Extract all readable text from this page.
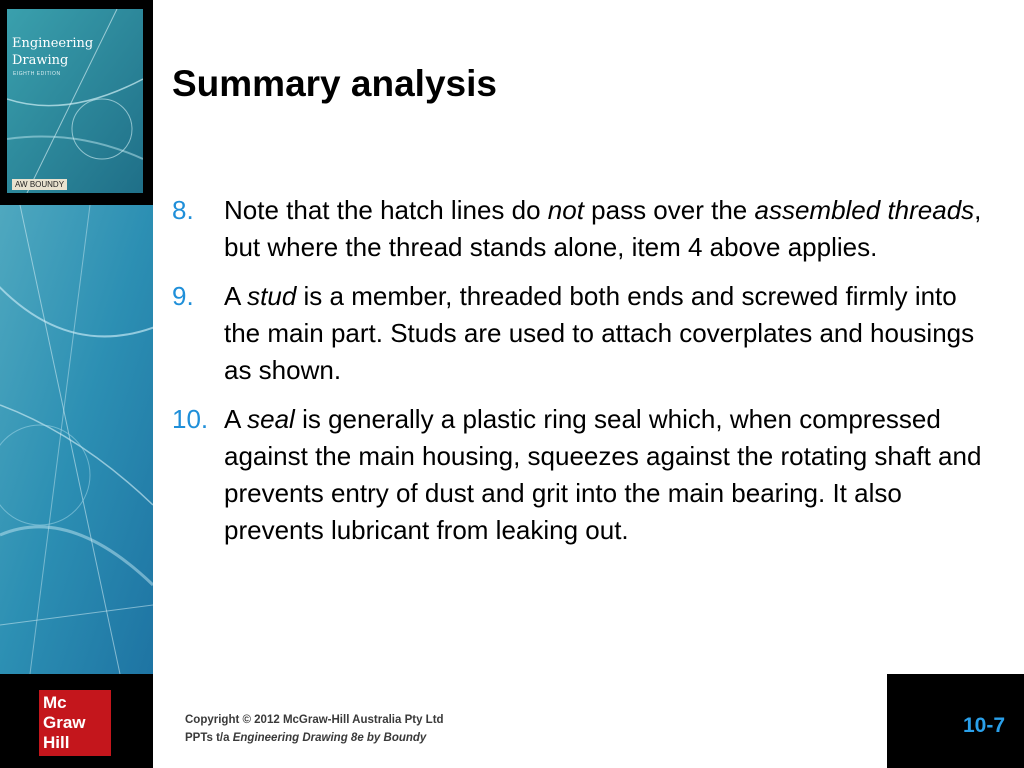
Engineering
Drawing
EIGHTH EDITION
AW BOUNDY
Summary analysis
8.	Note that the hatch lines do not pass over the assembled threads, but where the thread stands alone, item 4 above applies.
9.	A stud is a member, threaded both ends and screwed firmly into the main part. Studs are used to attach coverplates and housings as shown.
10. A seal is generally a plastic ring seal which, when compressed against the main housing, squeezes against the rotating shaft and prevents entry of dust and grit into the main bearing. It also prevents lubricant from leaking out.
Mc
Graw
Hill
Copyright © 2012 McGraw-Hill Australia Pty Ltd
PPTs t/a Engineering Drawing 8e by Boundy
10-7
